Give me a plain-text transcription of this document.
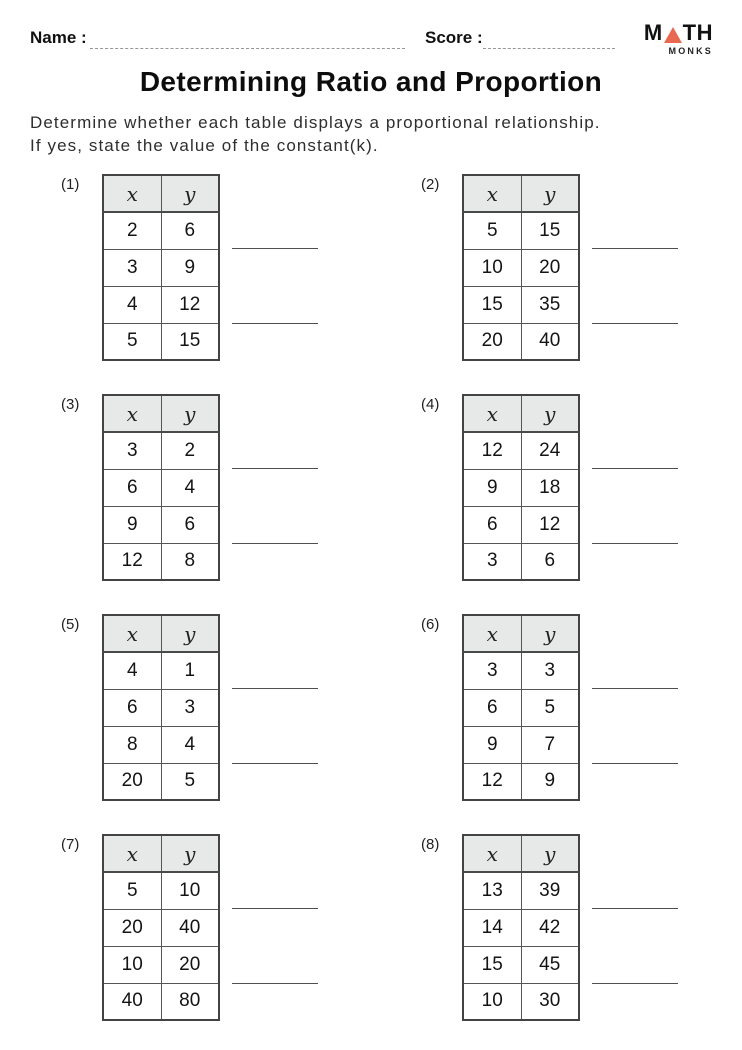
Name :	Score :	M TH
MONKS
Determining Ratio and Proportion
Determine whether each table displays a proportional relationship.
If yes, state the value of the constant(k).
(1) x	y
2	6
3	9
4	12
5	15
(2) x	y
5	15
10	20
15	35
20	40
(3) x	y
3	2
6	4
9	6
12	8
(4) x	y
12	24
9	18
6	12
3	6
(5) x	y
4	1
6	3
8	4
20	5
(6) x	y
3	3
6	5
9	7
12	9
(7) x	y
5	10
20	40
10	20
40	80
(8) x	y
13	39
14	42
15	45
10	30
